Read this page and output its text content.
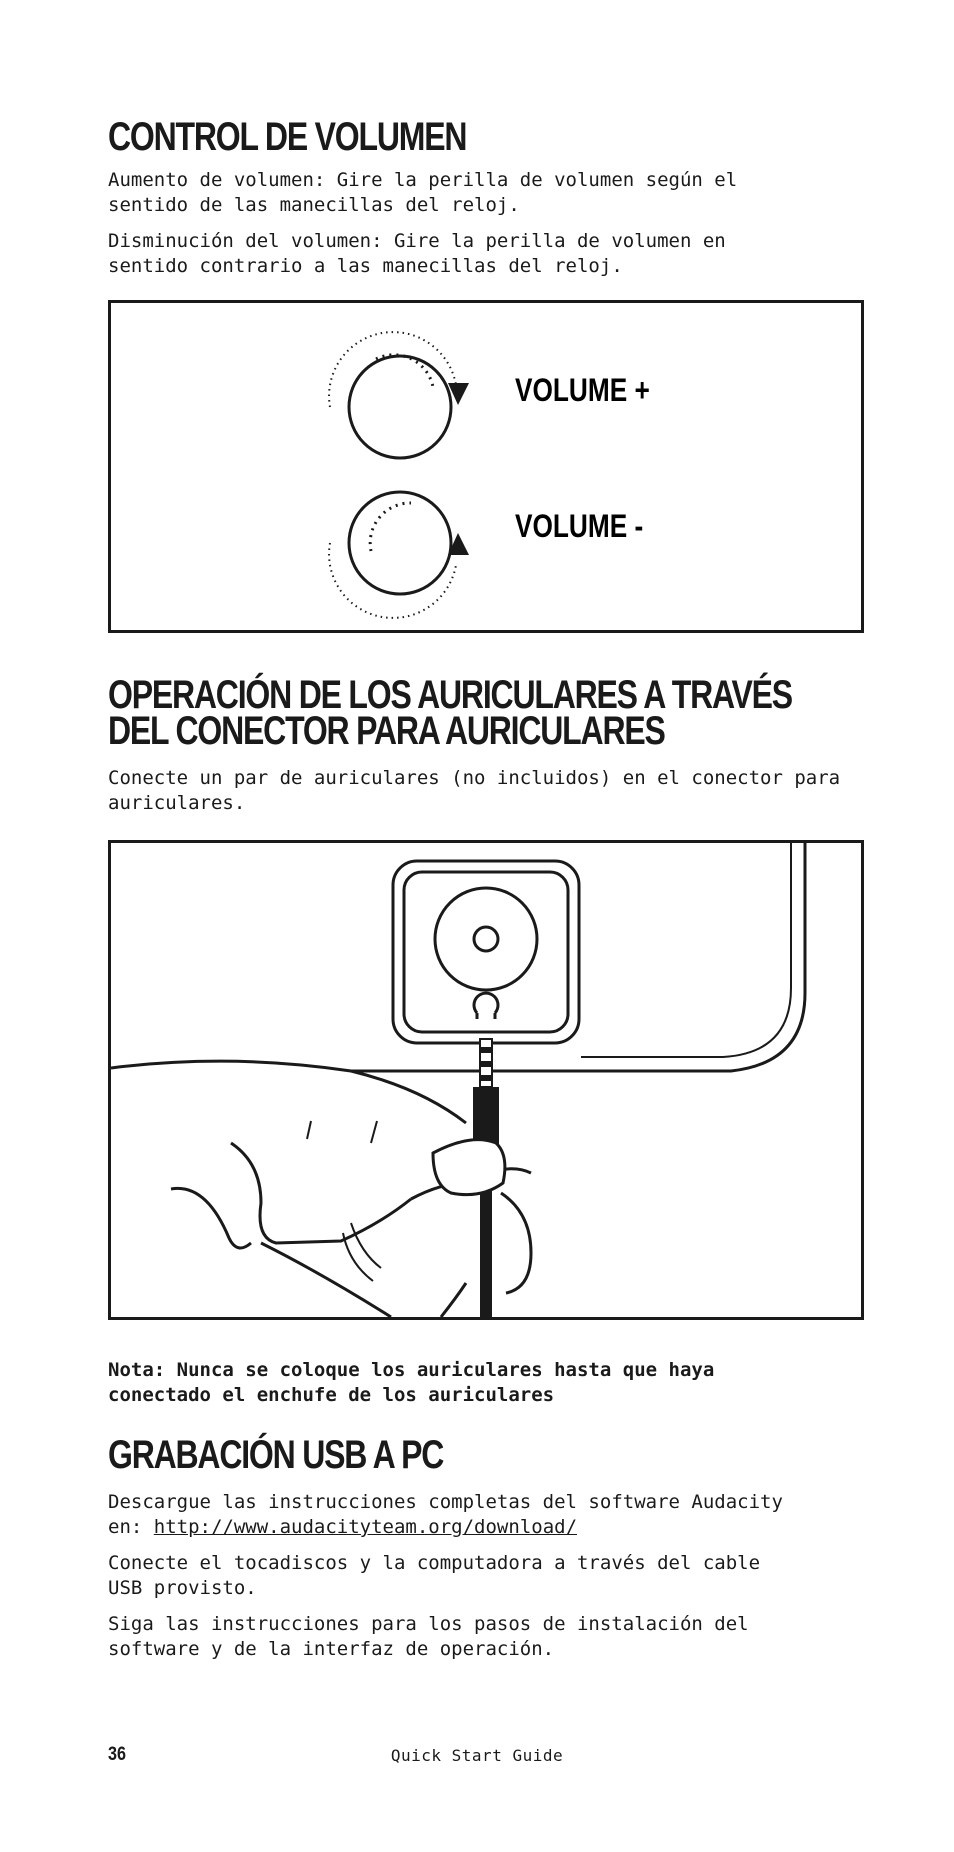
CONTROL DE VOLUMEN

Aumento de volumen: Gire la perilla de volumen según el
sentido de las manecillas del reloj.

Disminución del volumen: Gire la perilla de volumen en
sentido contrario a las manecillas del reloj.

VOLUME +
VOLUME -
OPERACIÓN DE LOS AURICULARES A TRAVÉS
DEL CONECTOR PARA AURICULARES

Conecte un par de auriculares (no incluidos) en el conector para
auriculares.

Nota: Nunca se coloque los auriculares hasta que haya
conectado el enchufe de los auriculares

GRABACIÓN USB A PC

Descargue las instrucciones completas del software Audacity
en: http://www.audacityteam.org/download/

Conecte el tocadiscos y la computadora a través del cable
USB provisto.

Siga las instrucciones para los pasos de instalación del
software y de la interfaz de operación.

36	Quick Start Guide
